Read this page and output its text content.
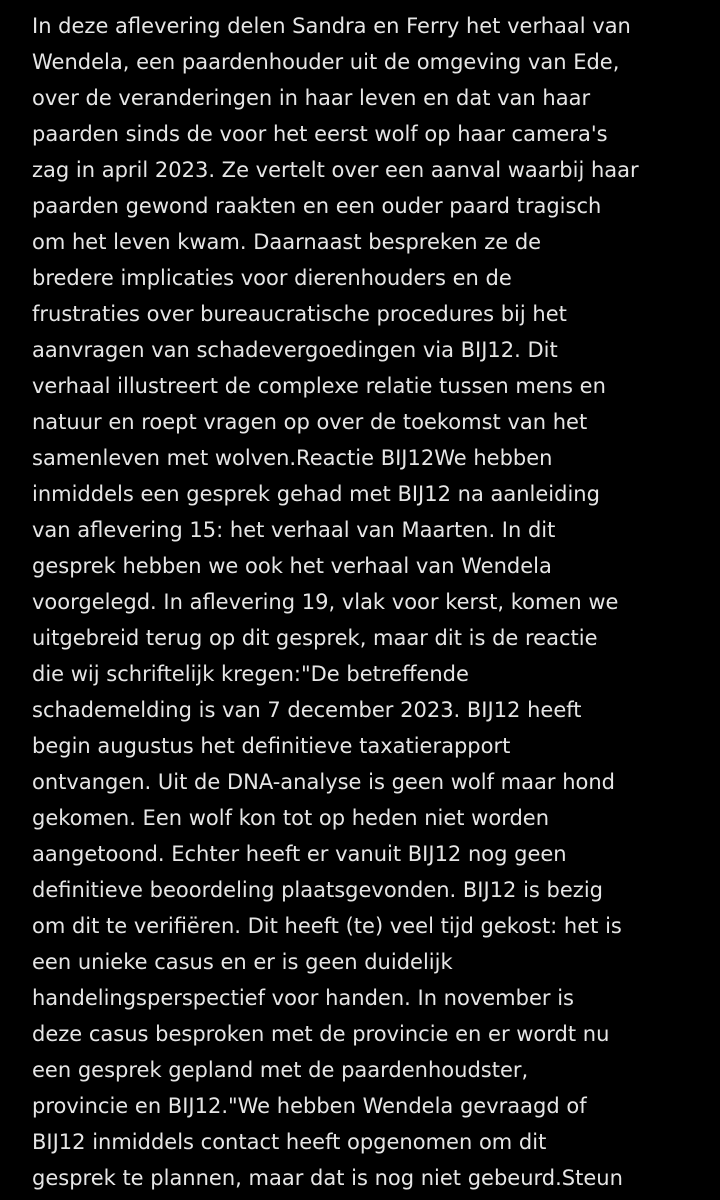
In deze aflevering delen Sandra en Ferry het verhaal van
Wendela, een paardenhouder uit de omgeving van Ede,
over de veranderingen in haar leven en dat van haar
paarden sinds de voor het eerst wolf op haar camera's
zag in april 2023. Ze vertelt over een aanval waarbij haar
paarden gewond raakten en een ouder paard tragisch
om het leven kwam. Daarnaast bespreken ze de
bredere implicaties voor dierenhouders en de
frustraties over bureaucratische procedures bij het
aanvragen van schadevergoedingen via BIJ12. Dit
verhaal illustreert de complexe relatie tussen mens en
natuur en roept vragen op over de toekomst van het
samenleven met wolven.Reactie BIJ12We hebben
inmiddels een gesprek gehad met BIJ12 na aanleiding
van aflevering 15: het verhaal van Maarten. In dit
gesprek hebben we ook het verhaal van Wendela
voorgelegd. In aflevering 19, vlak voor kerst, komen we
uitgebreid terug op dit gesprek, maar dit is de reactie
die wij schriftelijk kregen:"De betreffende
schademelding is van 7 december 2023. BIJ12 heeft
begin augustus het definitieve taxatierapport
ontvangen. Uit de DNA-analyse is geen wolf maar hond
gekomen. Een wolf kon tot op heden niet worden
aangetoond. Echter heeft er vanuit BIJ12 nog geen
definitieve beoordeling plaatsgevonden. BIJ12 is bezig
om dit te verifiëren. Dit heeft (te) veel tijd gekost: het is
een unieke casus en er is geen duidelijk
handelingsperspectief voor handen. In november is
deze casus besproken met de provincie en er wordt nu
een gesprek gepland met de paardenhoudster,
provincie en BIJ12."We hebben Wendela gevraagd of
BIJ12 inmiddels contact heeft opgenomen om dit
gesprek te plannen, maar dat is nog niet gebeurd.Steun
